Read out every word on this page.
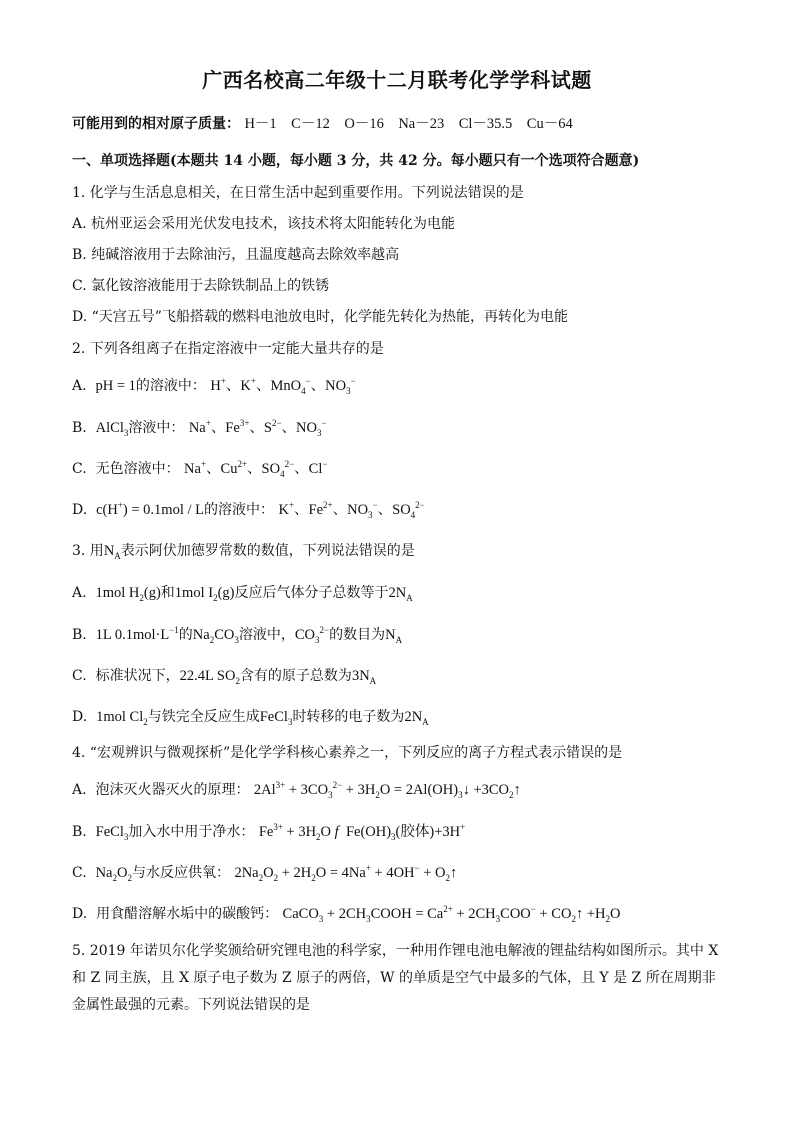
广西名校高二年级十二月联考化学学科试题
可能用到的相对原子质量： H－1　C－12　O－16　Na－23　Cl－35.5　Cu－64
一、单项选择题(本题共 14 小题，每小题 3 分，共 42 分。每小题只有一个选项符合题意)
1. 化学与生活息息相关，在日常生活中起到重要作用。下列说法错误的是
A. 杭州亚运会采用光伏发电技术，该技术将太阳能转化为电能
B. 纯碱溶液用于去除油污，且温度越高去除效率越高
C. 氯化铵溶液能用于去除铁制品上的铁锈
D. “天宫五号”飞船搭载的燃料电池放电时，化学能先转化为热能，再转化为电能
2. 下列各组离子在指定溶液中一定能大量共存的是
A. pH = 1的溶液中： H+、K+、MnO$_4$−、$NO_3^-$
B. AlCl$_3$溶液中： Na+、$Fe^{3+}$、$S^{2-}$、$NO_3^-$
C. 无色溶液中： Na+、$Cu^{2+}$、$SO_4^{2-}$、Cl−
D. c(H+) = 0.1mol / L的溶液中： K+、$Fe^{2+}$、$NO_3^-$、$SO_4^{2-}$
3. 用$N_A$表示阿伏加德罗常数的数值，下列说法错误的是
A. 1mol $H_2(g)$和1mol $I_2(g)$反应后气体分子总数等于$2N_A$
B. 1L $0.1mol\cdot L^{-1}$的$Na_2CO_3$溶液中，$CO_3^{2-}$的数目为$N_A$
C. 标准状况下，22.4L $SO_2$含有的原子总数为$3N_A$
D. 1mol $Cl_2$与铁完全反应生成FeCl$_3$时转移的电子数为$2N_A$
4. “宏观辨识与微观探析”是化学学科核心素养之一，下列反应的离子方程式表示错误的是
A. 泡沫灭火器灭火的原理： $2Al^{3+} + 3CO_3^{2-} + 3H_2O$ = $2Al(OH)_3↓$ $+3CO_2↑$
B. FeCl$_3$加入水中用于净水： $Fe^{3+} + 3H_2O$ f  $Fe(OH)_3$(胶体)+3H+
C. $Na_2O_2$与水反应供氧： $2Na_2O_2 + 2H_2O = 4Na^+ + 4OH^-$ + $O_2↑$
D. 用食醋溶解水垢中的碳酸钙： CaCO$_3$ + $2CH_3COOH = Ca^{2+} + 2CH_3COO^-$ + $CO_2↑ +H_2O$
5. 2019 年诺贝尔化学奖颁给研究锂电池的科学家，一种用作锂电池电解液的锂盐结构如图所示。其中 X 和 Z 同主族，且 X 原子电子数为 Z 原子的两倍，W 的单质是空气中最多的气体，且 Y 是 Z 所在周期非金属性最强的元素。下列说法错误的是
